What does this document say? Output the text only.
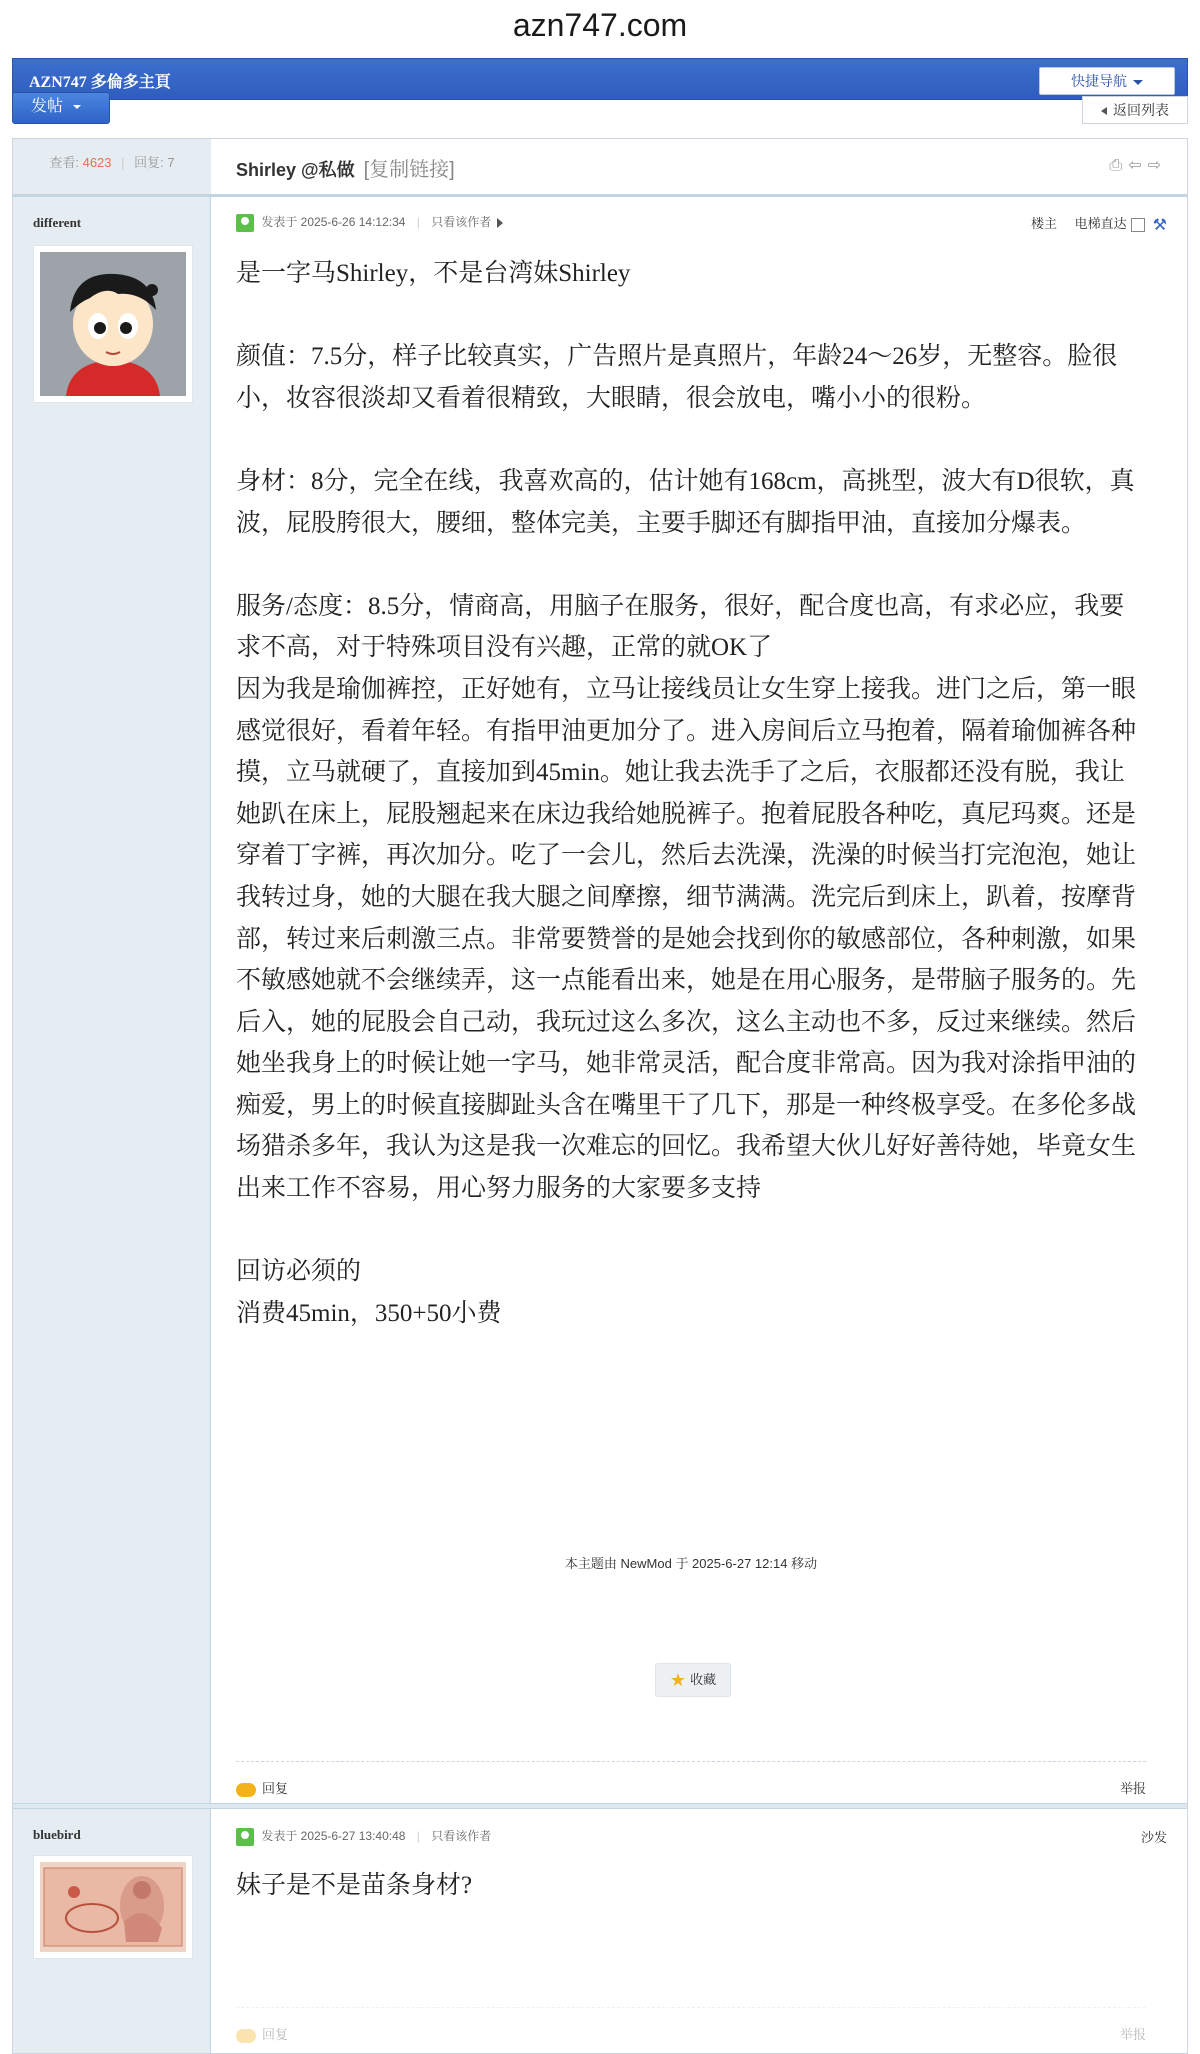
azn747.com
AZN747 多倫多主頁	快捷导航
发帖	返回列表
查看: 4623 | 回复: 7	Shirley @私做 [复制链接]	⎙⇦⇨
different	发表于 2025-6-26 14:12:34 | 只看该作者	楼主 电梯直达 ⚒

是一字马Shirley，不是台湾妹Shirley

颜值：7.5分，样子比较真实，广告照片是真照片，年龄24～26岁，无整容。脸很小，妆容很淡却又看着很精致，大眼睛，很会放电，嘴小小的很粉。

身材：8分，完全在线，我喜欢高的，估计她有168cm，高挑型，波大有D很软，真波，屁股胯很大，腰细，整体完美，主要手脚还有脚指甲油，直接加分爆表。

服务/态度：8.5分，情商高，用脑子在服务，很好，配合度也高，有求必应，我要求不高，对于特殊项目没有兴趣，正常的就OK了
因为我是瑜伽裤控，正好她有，立马让接线员让女生穿上接我。进门之后，第一眼感觉很好，看着年轻。有指甲油更加分了。进入房间后立马抱着，隔着瑜伽裤各种摸，立马就硬了，直接加到45min。她让我去洗手了之后，衣服都还没有脱，我让她趴在床上，屁股翘起来在床边我给她脱裤子。抱着屁股各种吃，真尼玛爽。还是穿着丁字裤，再次加分。吃了一会儿，然后去洗澡，洗澡的时候当打完泡泡，她让我转过身，她的大腿在我大腿之间摩擦，细节满满。洗完后到床上，趴着，按摩背部，转过来后刺激三点。非常要赞誉的是她会找到你的敏感部位，各种刺激，如果不敏感她就不会继续弄，这一点能看出来，她是在用心服务，是带脑子服务的。先后入，她的屁股会自己动，我玩过这么多次，这么主动也不多，反过来继续。然后她坐我身上的时候让她一字马，她非常灵活，配合度非常高。因为我对涂指甲油的痴爱，男上的时候直接脚趾头含在嘴里干了几下，那是一种终极享受。在多伦多战场猎杀多年，我认为这是我一次难忘的回忆。我希望大伙儿好好善待她，毕竟女生出来工作不容易，用心努力服务的大家要多支持

回访必须的
消费45min，350+50小费

本主题由 NewMod 于 2025-6-27 12:14 移动
★ 收藏
回复	举报
bluebird	发表于 2025-6-27 13:40:48 | 只看该作者	沙发

妹子是不是苗条身材?

回复	举报
